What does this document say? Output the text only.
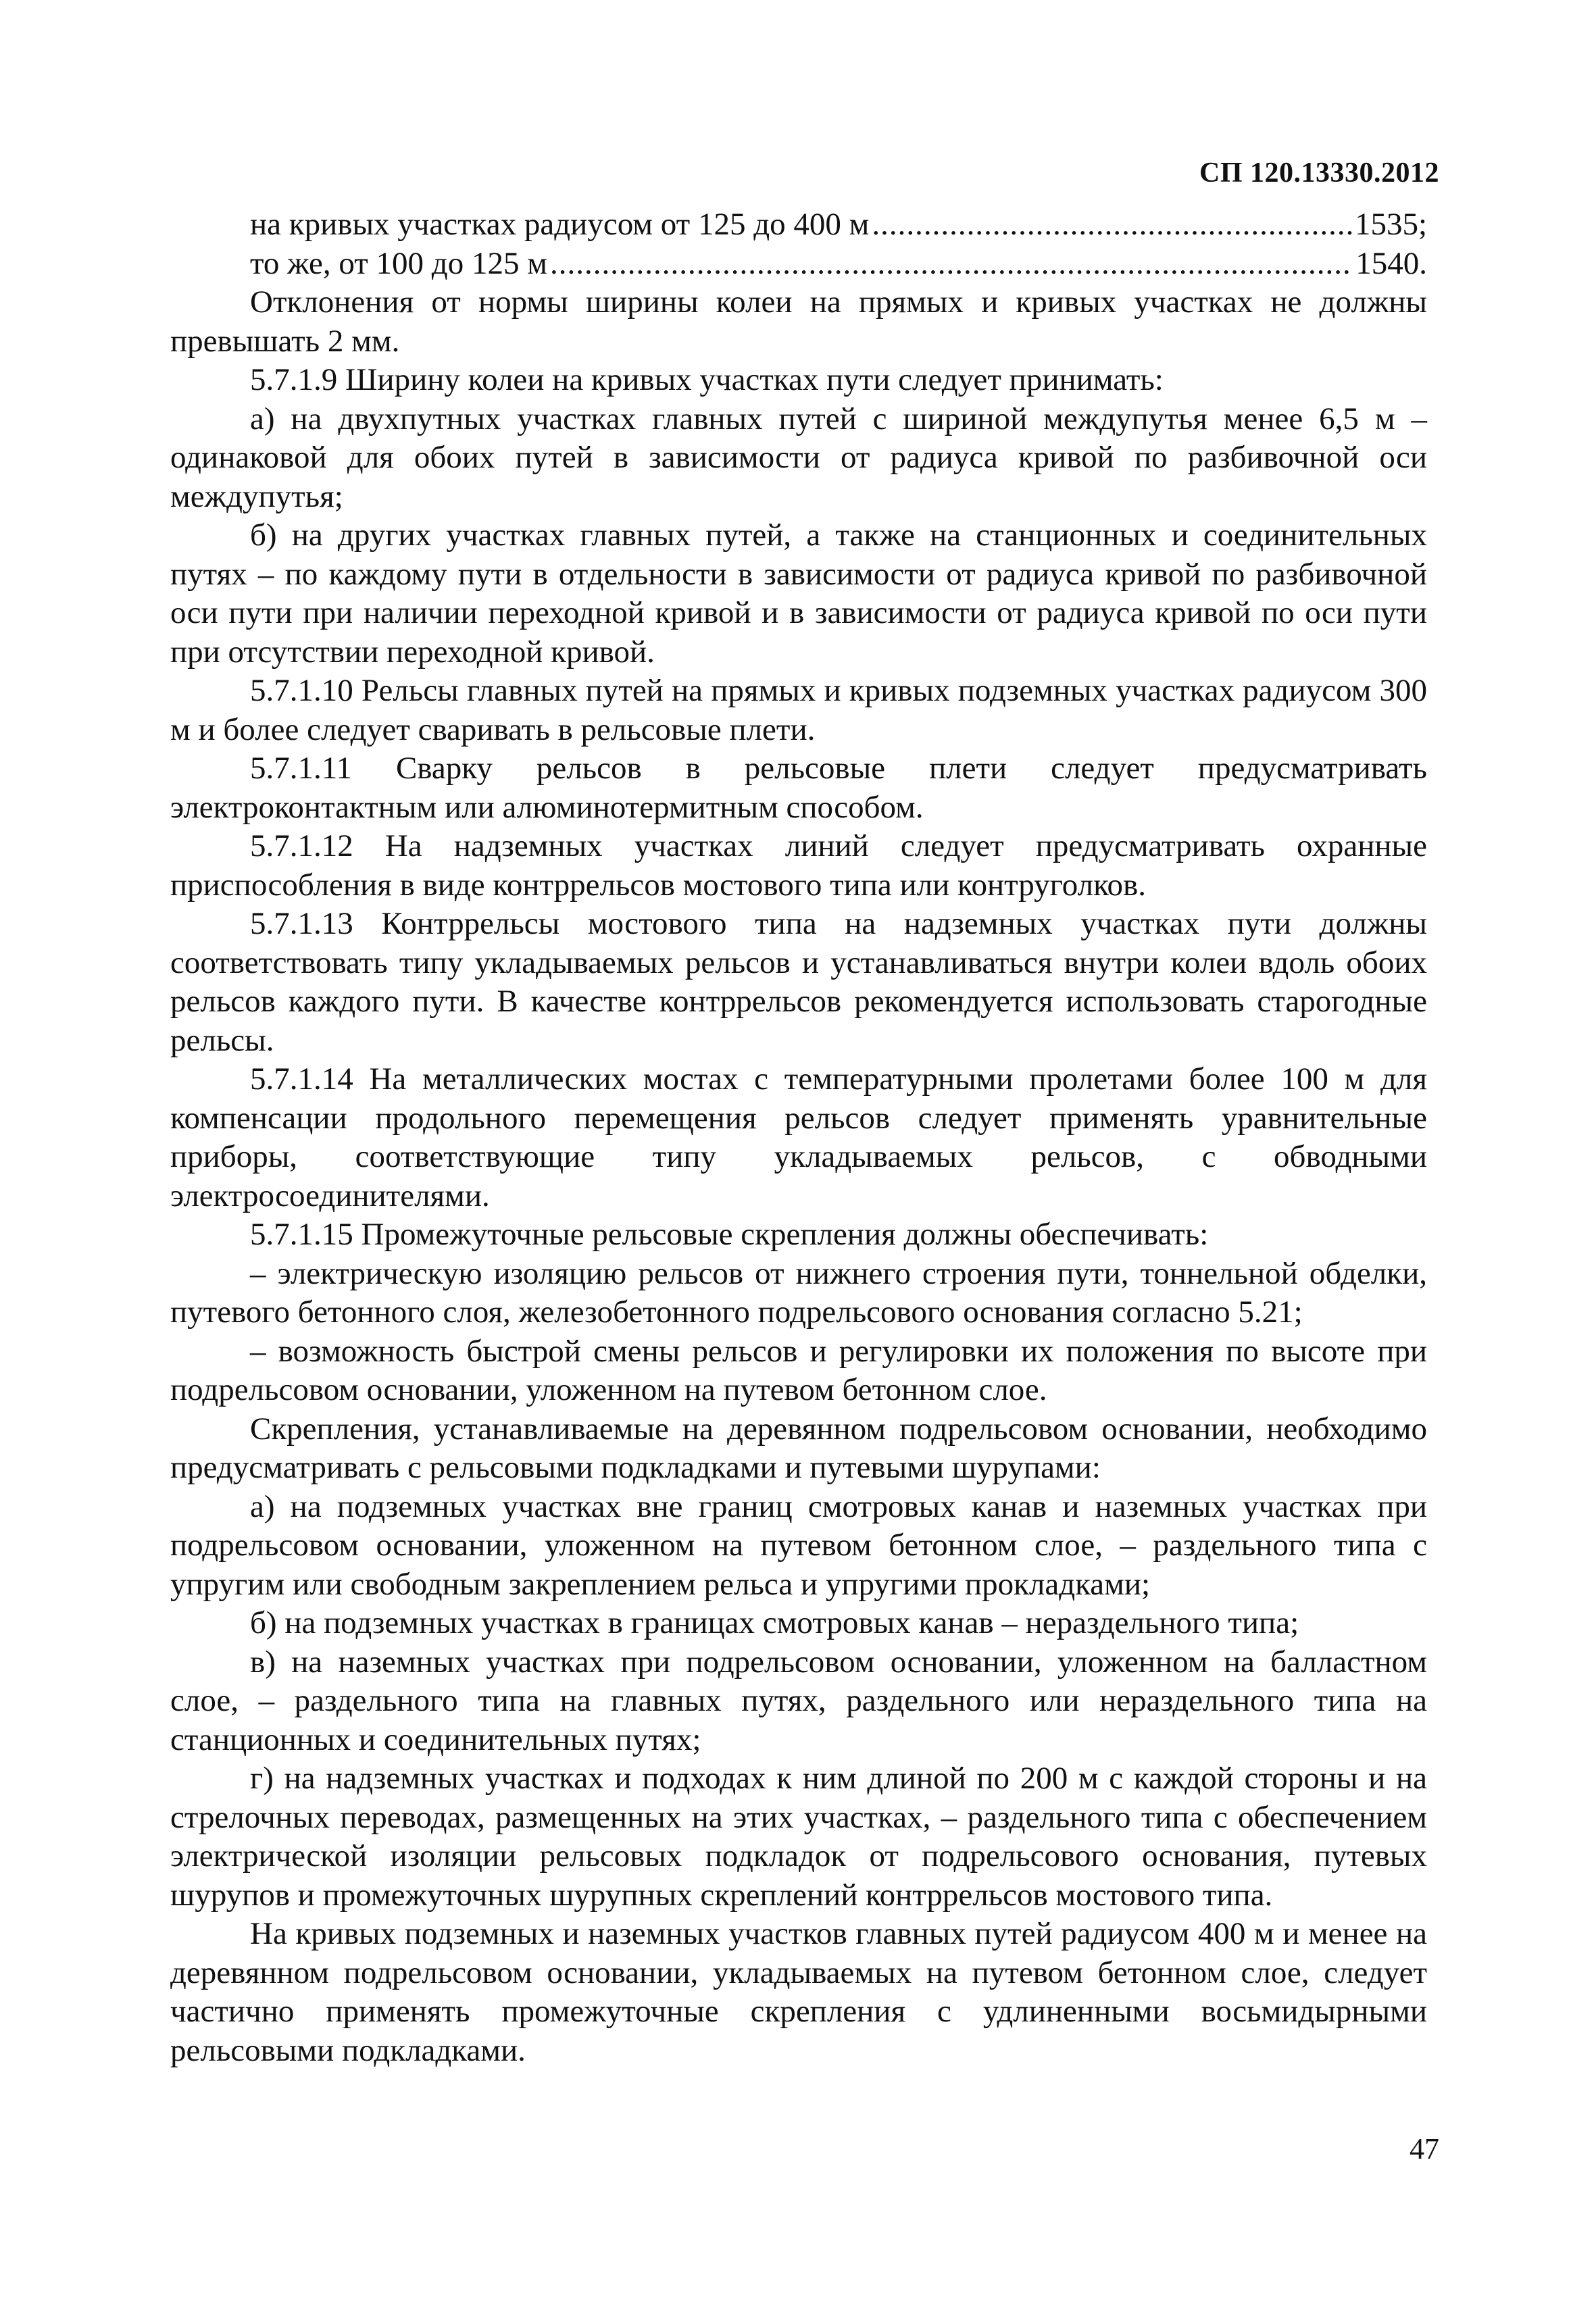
СП 120.13330.2012
на кривых участках радиусом от 125 до 400 м .....	1535;
то же, от 100 до 125 м .....	1540.

Отклонения от нормы ширины колеи на прямых и кривых участках не должны превышать 2 мм.

5.7.1.9 Ширину колеи на кривых участках пути следует принимать:

а) на двухпутных участках главных путей с шириной междупутья менее 6,5 м – одинаковой для обоих путей в зависимости от радиуса кривой по разбивочной оси междупутья;

б) на других участках главных путей, а также на станционных и соединительных путях – по каждому пути в отдельности в зависимости от радиуса кривой по разбивочной оси пути при наличии переходной кривой и в зависимости от радиуса кривой по оси пути при отсутствии переходной кривой.

5.7.1.10 Рельсы главных путей на прямых и кривых подземных участках радиусом 300 м и более следует сваривать в рельсовые плети.

5.7.1.11 Сварку рельсов в рельсовые плети следует предусматривать электроконтактным или алюминотермитным способом.

5.7.1.12 На надземных участках линий следует предусматривать охранные приспособления в виде контррельсов мостового типа или контруголков.

5.7.1.13 Контррельсы мостового типа на надземных участках пути должны соответствовать типу укладываемых рельсов и устанавливаться внутри колеи вдоль обоих рельсов каждого пути. В качестве контррельсов рекомендуется использовать старогодные рельсы.

5.7.1.14 На металлических мостах с температурными пролетами более 100 м для компенсации продольного перемещения рельсов следует применять уравнительные приборы, соответствующие типу укладываемых рельсов, с обводными электросоединителями.

5.7.1.15 Промежуточные рельсовые скрепления должны обеспечивать:

– электрическую изоляцию рельсов от нижнего строения пути, тоннельной обделки, путевого бетонного слоя, железобетонного подрельсового основания согласно 5.21;

– возможность быстрой смены рельсов и регулировки их положения по высоте при подрельсовом основании, уложенном на путевом бетонном слое.

Скрепления, устанавливаемые на деревянном подрельсовом основании, необходимо предусматривать с рельсовыми подкладками и путевыми шурупами:

а) на подземных участках вне границ смотровых канав и наземных участках при подрельсовом основании, уложенном на путевом бетонном слое, – раздельного типа с упругим или свободным закреплением рельса и упругими прокладками;

б) на подземных участках в границах смотровых канав – нераздельного типа;

в) на наземных участках при подрельсовом основании, уложенном на балластном слое, – раздельного типа на главных путях, раздельного или нераздельного типа на станционных и соединительных путях;

г) на надземных участках и подходах к ним длиной по 200 м с каждой стороны и на стрелочных переводах, размещенных на этих участках, – раздельного типа с обеспечением электрической изоляции рельсовых подкладок от подрельсового основания, путевых шурупов и промежуточных шурупных скреплений контррельсов мостового типа.

На кривых подземных и наземных участков главных путей радиусом 400 м и менее на деревянном подрельсовом основании, укладываемых на путевом бетонном слое, следует частично применять промежуточные скрепления с удлиненными восьмидырными рельсовыми подкладками.

47
